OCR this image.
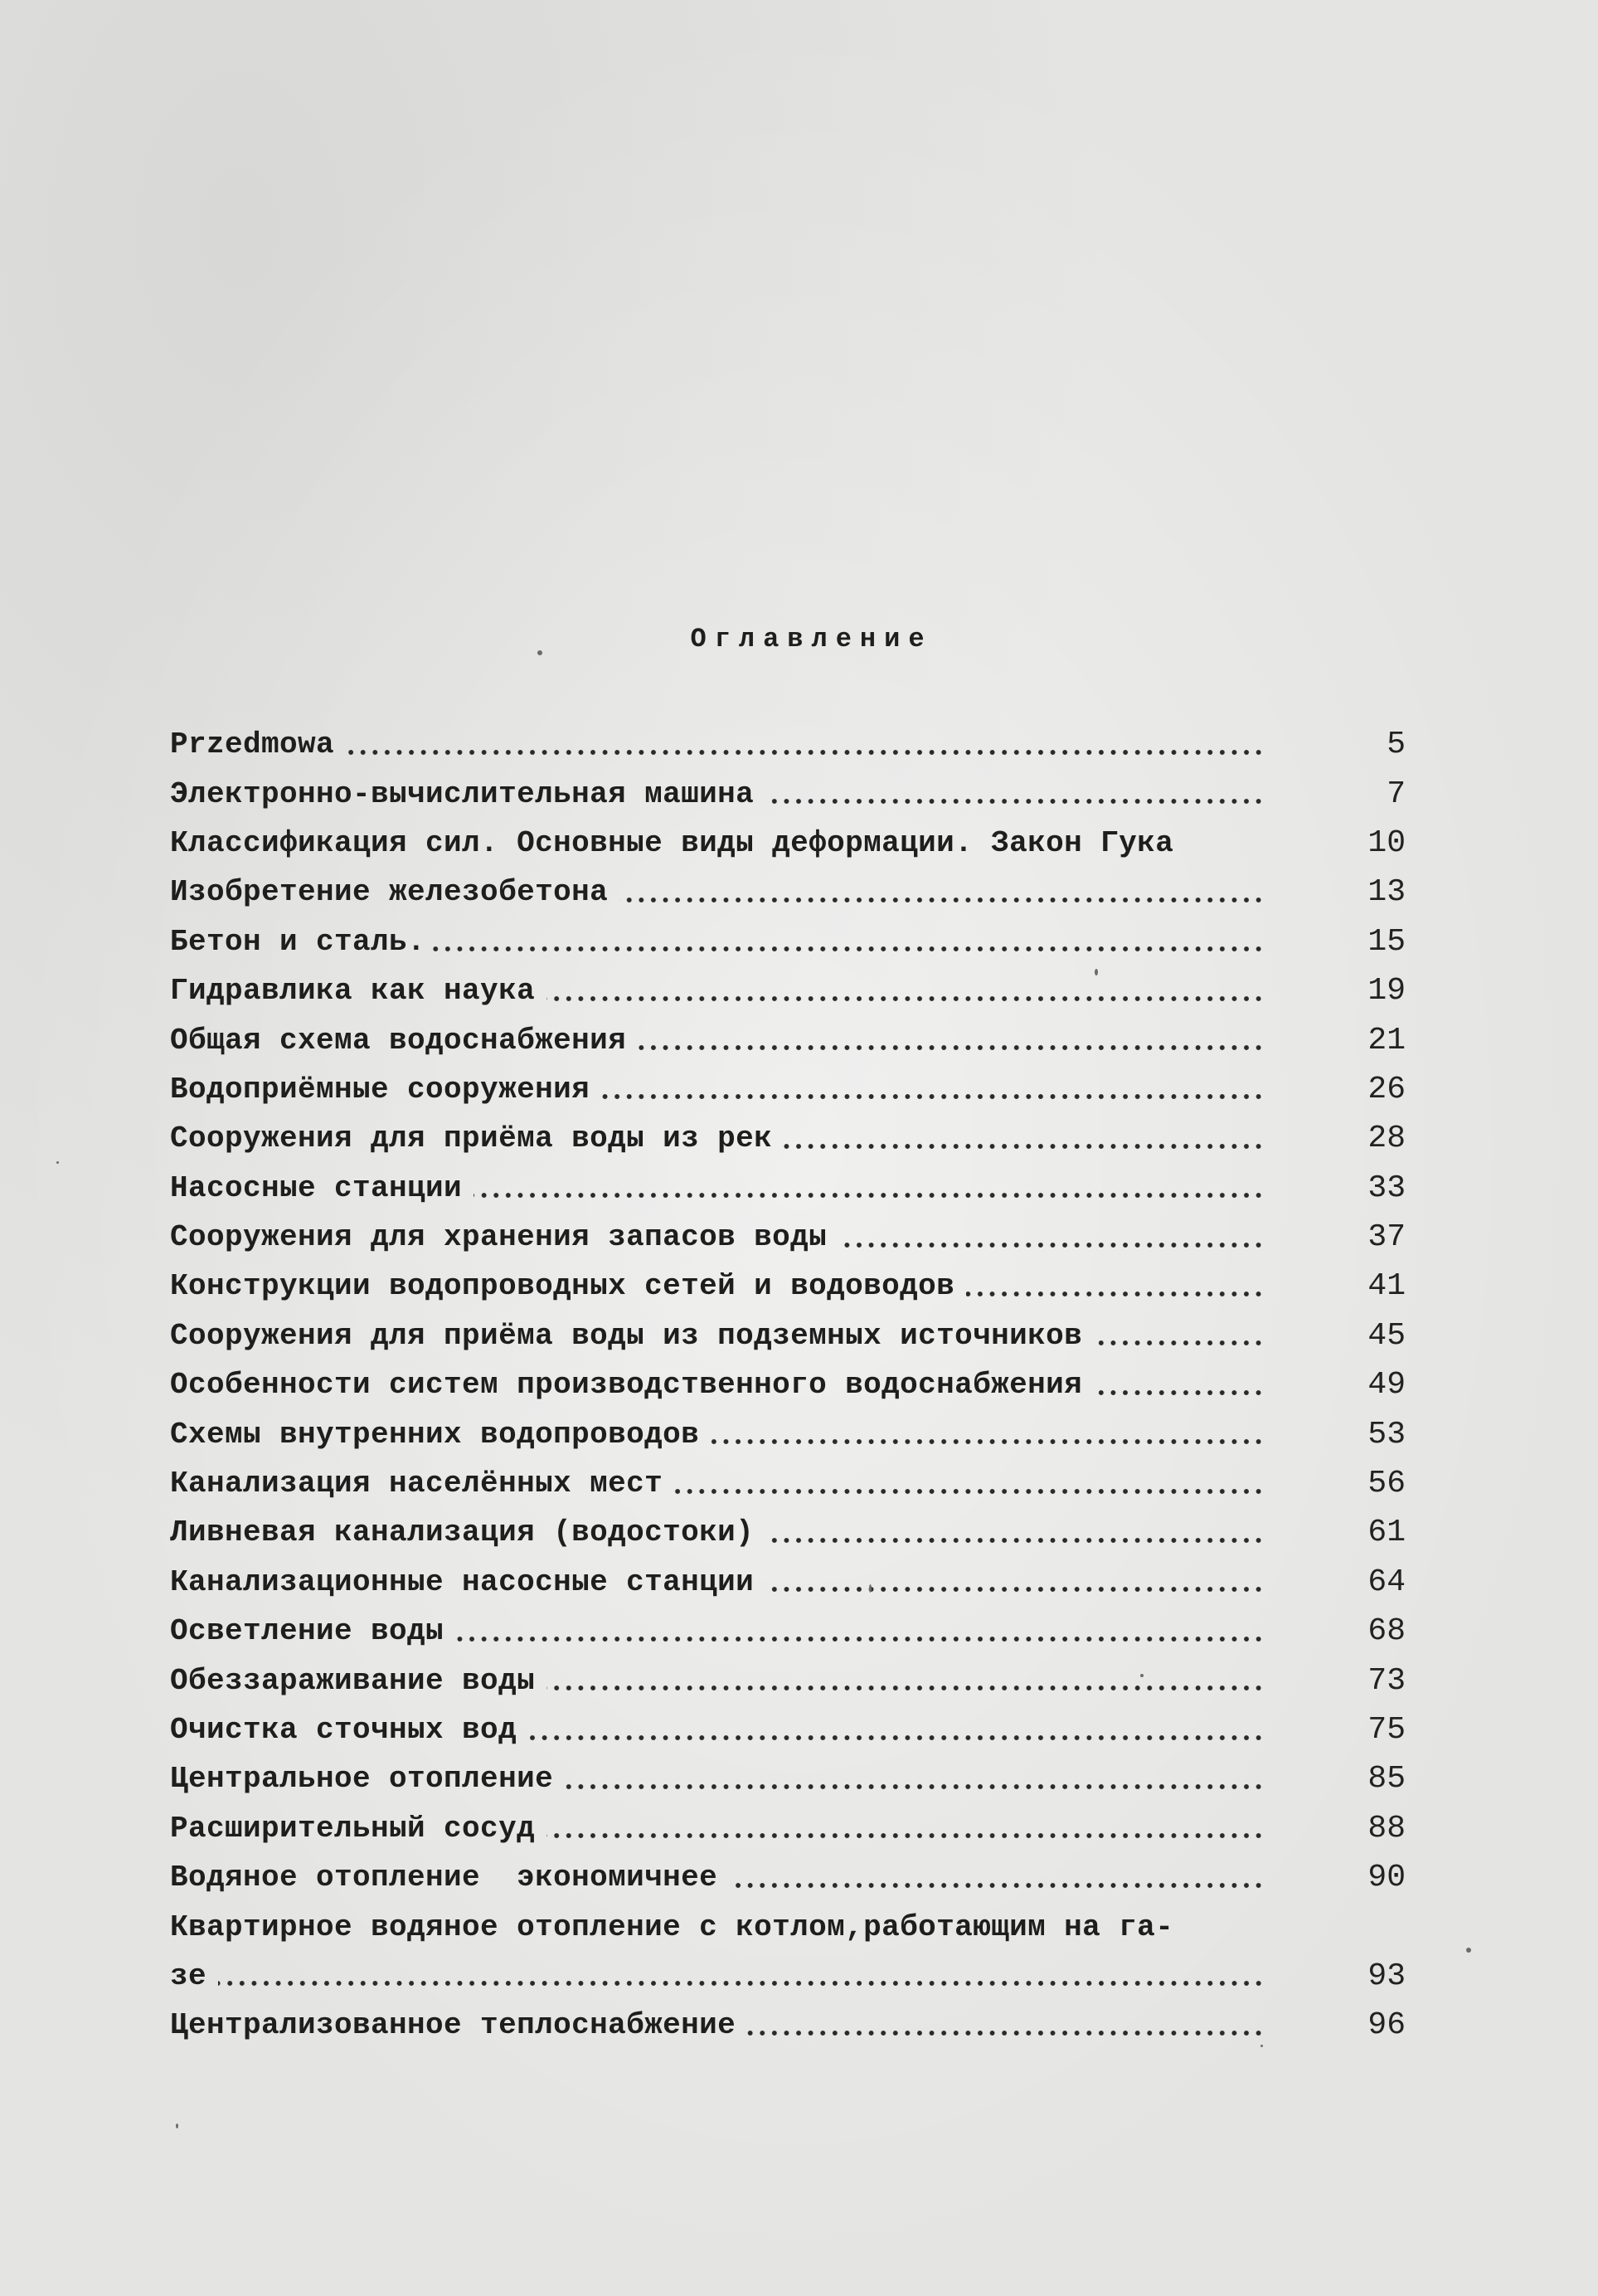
Оглавление
Przedmowa	5
Электронно-вычислительная машина	7
Классификация сил. Основные виды деформации. Закон Гука	10
Изобретение железобетона	13
Бетон и сталь.	15
Гидравлика как наука	19
Общая схема водоснабжения	21
Водоприёмные сооружения	26
Сооружения для приёма воды из рек	28
Насосные станции	33
Сооружения для хранения запасов воды	37
Конструкции водопроводных сетей и водоводов	41
Сооружения для приёма воды из подземных источников	45
Особенности систем производственного водоснабжения	49
Схемы внутренних водопроводов	53
Канализация населённых мест	56
Ливневая канализация (водостоки)	61
Канализационные насосные станции	64
Осветление воды	68
Обеззараживание воды	73
Очистка сточных вод	75
Центральное отопление	85
Расширительный сосуд	88
Водяное отопление  экономичнее	90
Квартирное водяное отопление с котлом,работающим на га-
зе	93
Централизованное теплоснабжение	96
